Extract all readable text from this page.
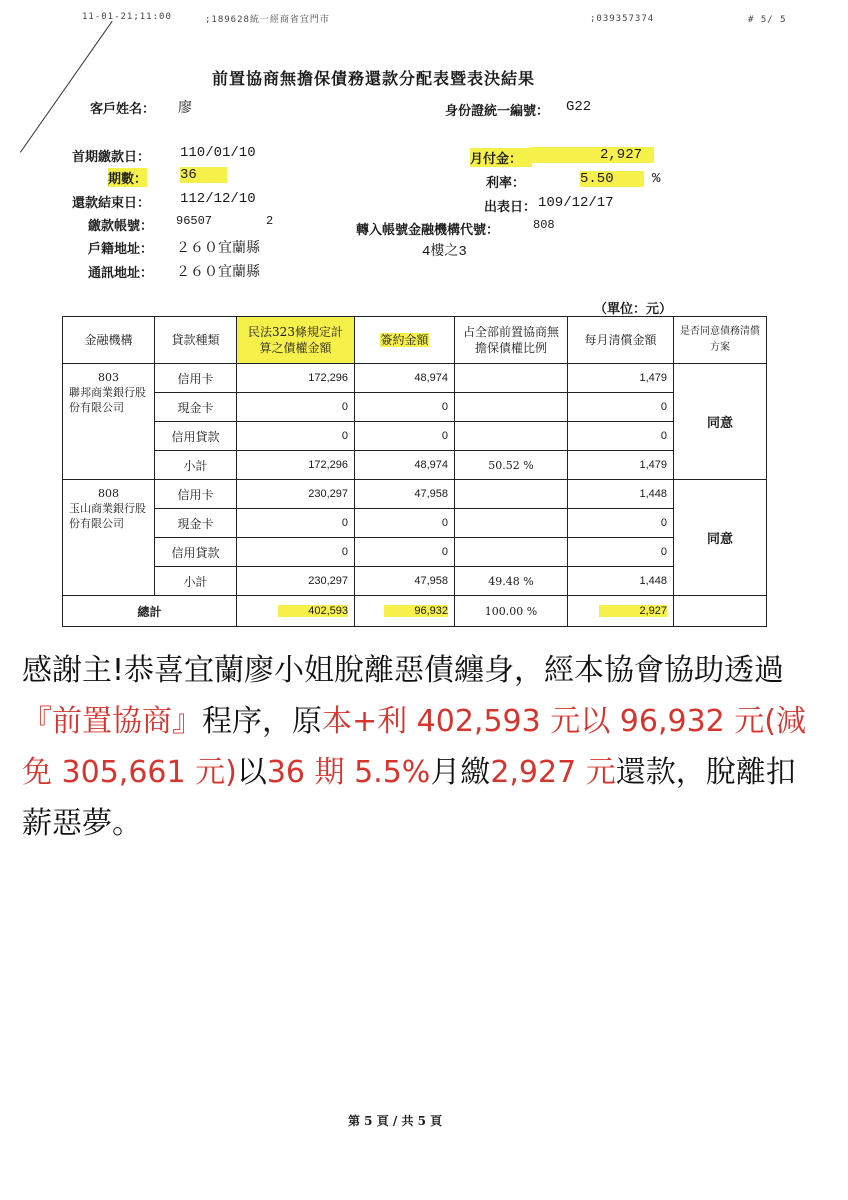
11-01-21;11:00	;189628統一經商省宜門市	;039357374	# 5/ 5
前置協商無擔保債務還款分配表暨表決結果
客戶姓名： 廖	身份證統一編號： G22
首期繳款日： 110/01/10
期數： 36
還款結束日： 112/12/10
繳款帳號： 96507	2
戶籍地址： ２６０宜蘭縣
通訊地址： ２６０宜蘭縣
4樓之3
月付金：	2,927
利率：	5.50	%
出表日： 109/12/17
轉入帳號金融機構代號：	808
（單位：元）
金融機構	貸款種類	民法323條規定計算之債權金額	簽約金額	占全部前置協商無擔保債權比例	每月清償金額	是否同意債務清償方案

803
聯邦商業銀行股份有限公司	信用卡	172,296	48,974		1,479	同意
	現金卡	0	0		0	
	信用貸款	0	0		0	
	小計	172,296	48,974	50.52 %	1,479	

808
玉山商業銀行股份有限公司	信用卡	230,297	47,958		1,448	同意
	現金卡	0	0		0	
	信用貸款	0	0		0	
	小計	230,297	47,958	49.48 %	1,448	
總計		402,593	96,932	100.00 %	2,927	
感謝主!恭喜宜蘭廖小姐脫離惡債纏身，經本協會協助透過『前置協商』程序，原本+利 402,593 元以 96,932 元(減免 305,661 元)以36 期 5.5%月繳2,927 元還款，脫離扣薪惡夢。
第 5 頁 / 共 5 頁
